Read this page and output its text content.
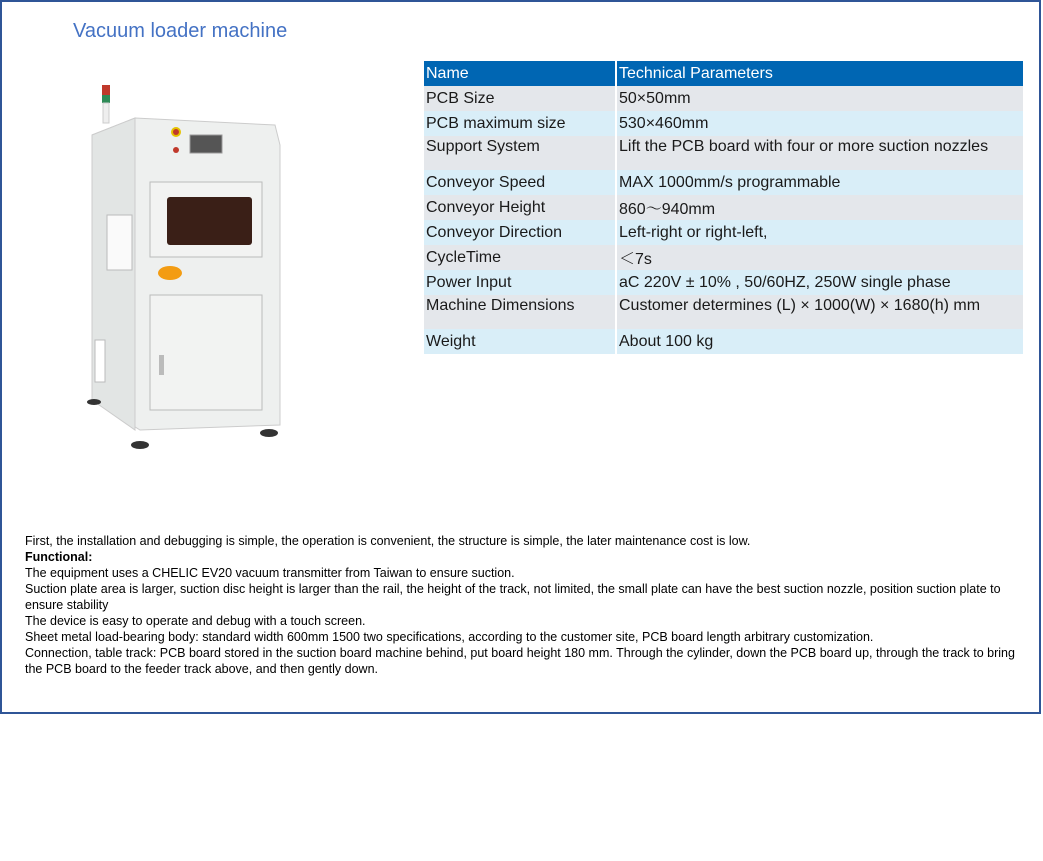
Vacuum loader machine
Name	Technical Parameters
PCB Size	50×50mm
PCB maximum size	530×460mm
Support System	Lift the PCB board with four or more suction nozzles
Conveyor Speed	MAX 1000mm/s programmable
Conveyor Height	860～940mm
Conveyor Direction	Left-right or right-left,
CycleTime	＜7s
Power Input	aC 220V ± 10% , 50/60HZ, 250W single phase
Machine Dimensions	Customer determines (L) × 1000(W) × 1680(h) mm
Weight	About 100 kg
First, the installation and debugging is simple, the operation is convenient, the structure is simple, the later maintenance cost is low.
Functional:
The equipment uses a CHELIC EV20 vacuum transmitter from Taiwan to ensure suction.
Suction plate area is larger, suction disc height is larger than the rail, the height of the track, not limited, the small plate can have the best suction nozzle, position suction plate to ensure stability
The device is easy to operate and debug with a touch screen.
Sheet metal load-bearing body: standard width 600mm 1500 two specifications, according to the customer site, PCB board length arbitrary customization.
Connection, table track: PCB board stored in the suction board machine behind, put board height 180 mm. Through the cylinder, down the PCB board up, through the track to bring the PCB board to the feeder track above, and then gently down.
